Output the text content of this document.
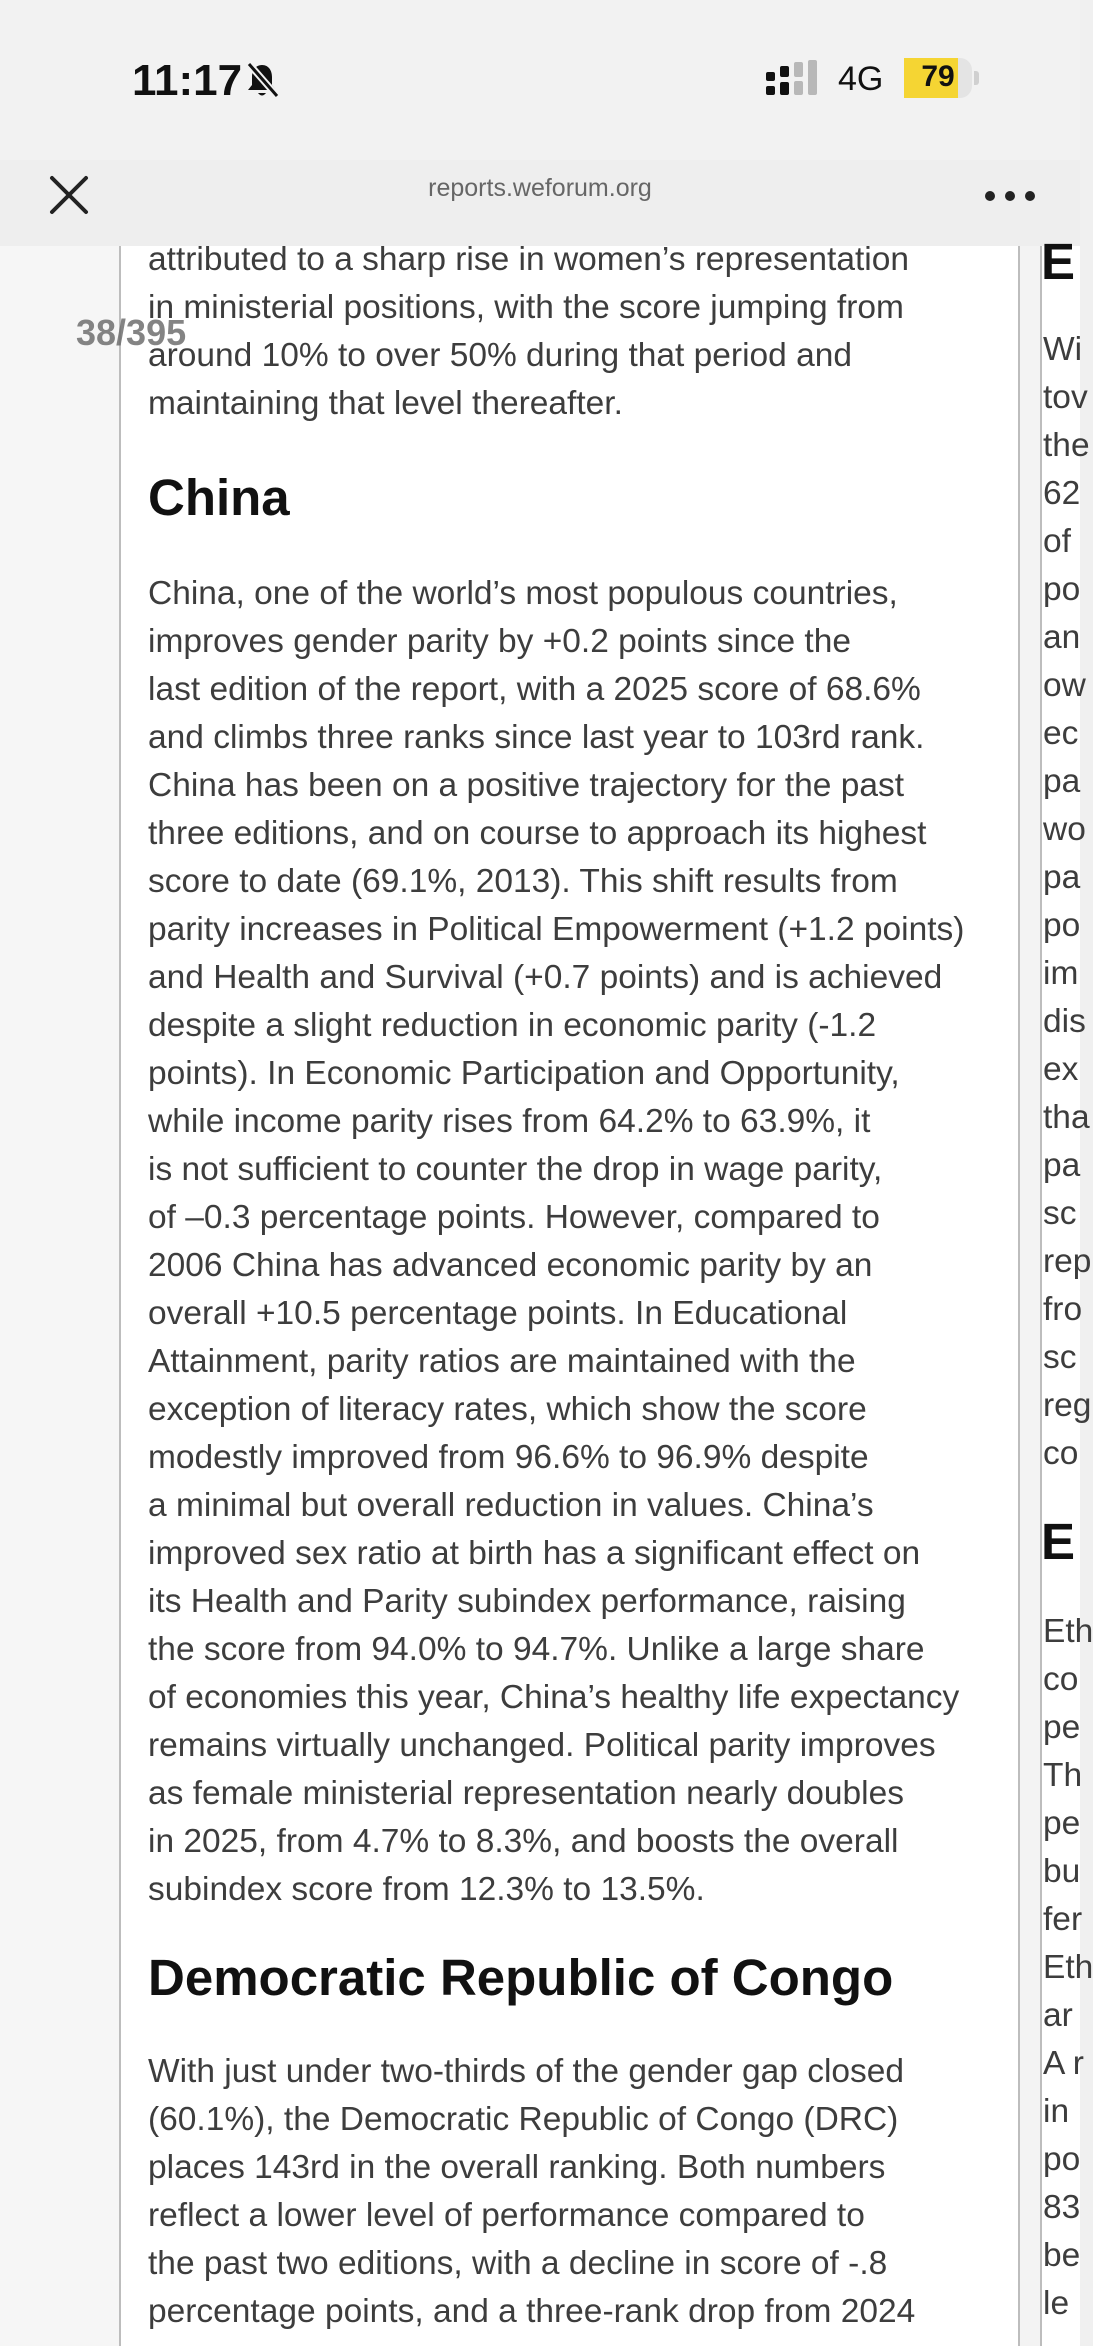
11:17	4G	79
reports.weforum.org
attributed to a sharp rise in women’s representation
in ministerial positions, with the score jumping from
around 10% to over 50% during that period and
maintaining that level thereafter.
China
China, one of the world’s most populous countries,
improves gender parity by +0.2 points since the
last edition of the report, with a 2025 score of 68.6%
and climbs three ranks since last year to 103rd rank.
China has been on a positive trajectory for the past
three editions, and on course to approach its highest
score to date (69.1%, 2013). This shift results from
parity increases in Political Empowerment (+1.2 points)
and Health and Survival (+0.7 points) and is achieved
despite a slight reduction in economic parity (-1.2
points). In Economic Participation and Opportunity,
while income parity rises from 64.2% to 63.9%, it
is not sufficient to counter the drop in wage parity,
of –0.3 percentage points. However, compared to
2006 China has advanced economic parity by an
overall +10.5 percentage points. In Educational
Attainment, parity ratios are maintained with the
exception of literacy rates, which show the score
modestly improved from 96.6% to 96.9% despite
a minimal but overall reduction in values. China’s
improved sex ratio at birth has a significant effect on
its Health and Parity subindex performance, raising
the score from 94.0% to 94.7%. Unlike a large share
of economies this year, China’s healthy life expectancy
remains virtually unchanged. Political parity improves
as female ministerial representation nearly doubles
in 2025, from 4.7% to 8.3%, and boosts the overall
subindex score from 12.3% to 13.5%.
Democratic Republic of Congo
With just under two-thirds of the gender gap closed
(60.1%), the Democratic Republic of Congo (DRC)
places 143rd in the overall ranking. Both numbers
reflect a lower level of performance compared to
the past two editions, with a decline in score of -.8
percentage points, and a three-rank drop from 2024
E
Wi
tov
the
62
of
po
an
ow
ec
pa
wo
pa
po
im
dis
ex
tha
pa
sc
rep
fro
sc
reg
co
E
Eth
co
pe
Th
pe
bu
fer
Eth
ar
A r
in
po
83
be
le
38/395
